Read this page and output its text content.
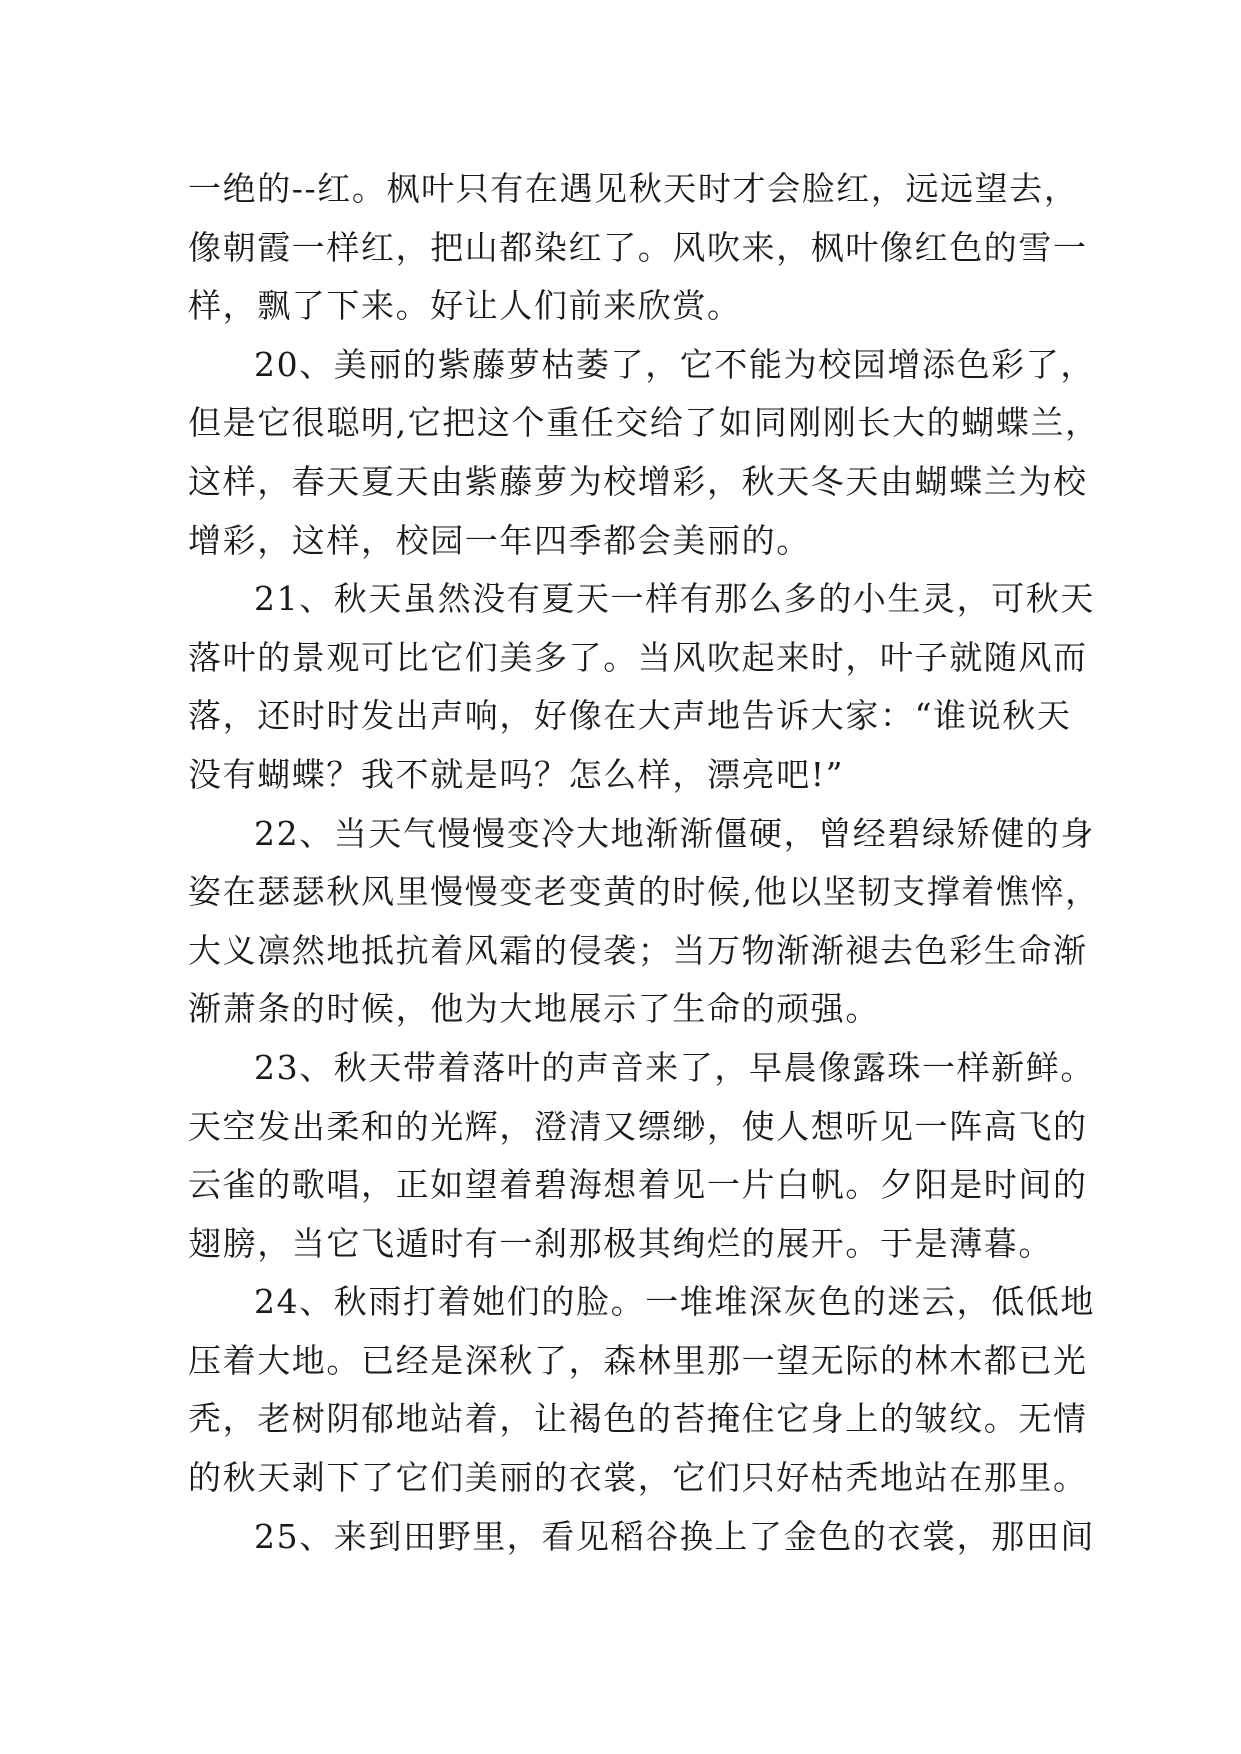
一绝的--红。枫叶只有在遇见秋天时才会脸红，远远望去，
像朝霞一样红，把山都染红了。风吹来，枫叶像红色的雪一
样，飘了下来。好让人们前来欣赏。
20、美丽的紫藤萝枯萎了，它不能为校园增添色彩了，
但是它很聪明,它把这个重任交给了如同刚刚长大的蝴蝶兰，
这样，春天夏天由紫藤萝为校增彩，秋天冬天由蝴蝶兰为校
增彩，这样，校园一年四季都会美丽的。
21、秋天虽然没有夏天一样有那么多的小生灵，可秋天
落叶的景观可比它们美多了。当风吹起来时，叶子就随风而
落，还时时发出声响，好像在大声地告诉大家：“谁说秋天
没有蝴蝶？我不就是吗？怎么样，漂亮吧!”
22、当天气慢慢变冷大地渐渐僵硬，曾经碧绿矫健的身
姿在瑟瑟秋风里慢慢变老变黄的时候,他以坚韧支撑着憔悴，
大义凛然地抵抗着风霜的侵袭；当万物渐渐褪去色彩生命渐
渐萧条的时候，他为大地展示了生命的顽强。
23、秋天带着落叶的声音来了，早晨像露珠一样新鲜。
天空发出柔和的光辉，澄清又缥缈，使人想听见一阵高飞的
云雀的歌唱，正如望着碧海想着见一片白帆。夕阳是时间的
翅膀，当它飞遁时有一刹那极其绚烂的展开。于是薄暮。
24、秋雨打着她们的脸。一堆堆深灰色的迷云，低低地
压着大地。已经是深秋了，森林里那一望无际的林木都已光
秃，老树阴郁地站着，让褐色的苔掩住它身上的皱纹。无情
的秋天剥下了它们美丽的衣裳，它们只好枯秃地站在那里。
25、来到田野里，看见稻谷换上了金色的衣裳，那田间
